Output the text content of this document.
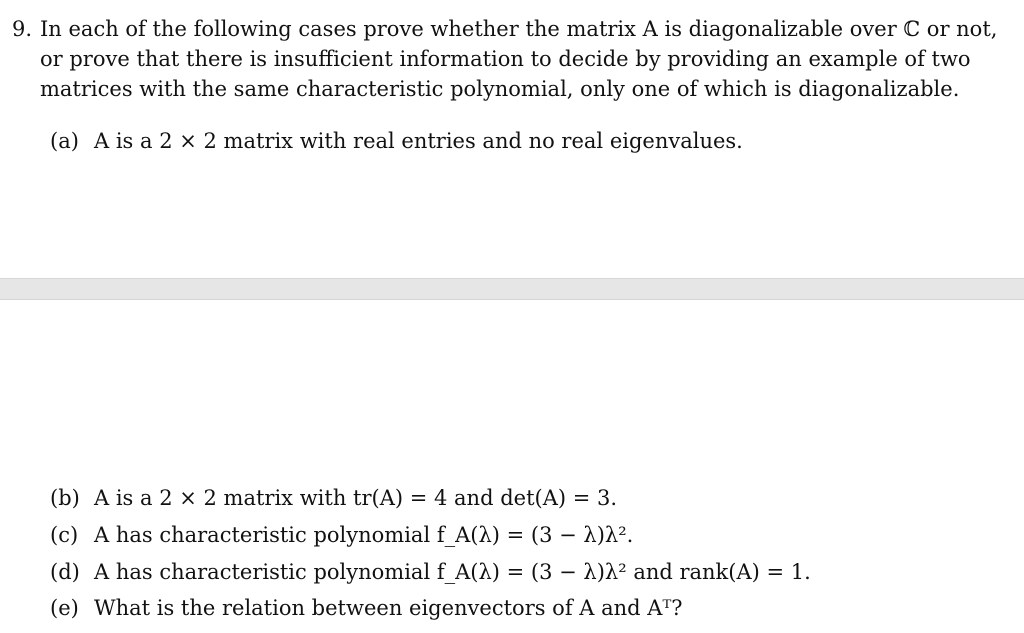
9. In each of the following cases prove whether the matrix A is diagonalizable over ℂ or not, or prove that there is insufficient information to decide by providing an example of two matrices with the same characteristic polynomial, only one of which is diagonalizable.
(a) A is a 2 × 2 matrix with real entries and no real eigenvalues.
(b) A is a 2 × 2 matrix with tr(A) = 4 and det(A) = 3.
(c) A has characteristic polynomial f_A(λ) = (3 − λ)λ².
(d) A has characteristic polynomial f_A(λ) = (3 − λ)λ² and rank(A) = 1.
(e) What is the relation between eigenvectors of A and Aᵀ?
